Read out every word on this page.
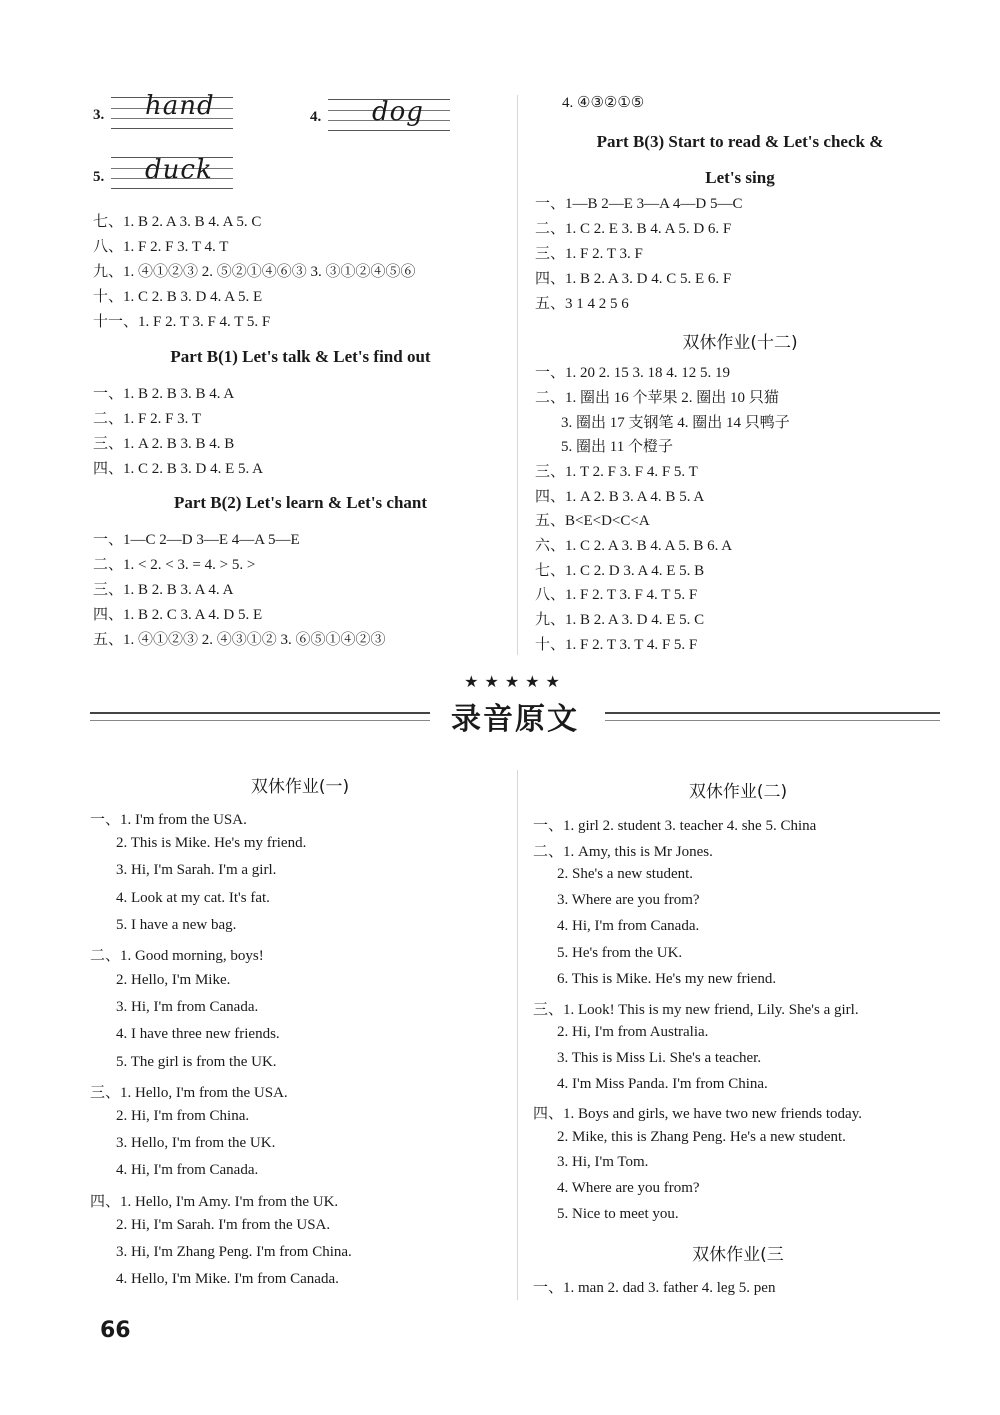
3. hand	4. dog
5. duck
七、1. B 2. A 3. B 4. A 5. C
八、1. F 2. F 3. T 4. T
九、1. ④①②③ 2. ⑤②①④⑥③ 3. ③①②④⑤⑥
十、1. C 2. B 3. D 4. A 5. E
十一、1. F 2. T 3. F 4. T 5. F
Part B(1) Let's talk & Let's find out
一、1. B 2. B 3. B 4. A
二、1. F 2. F 3. T
三、1. A 2. B 3. B 4. B
四、1. C 2. B 3. D 4. E 5. A
Part B(2) Let's learn & Let's chant
一、1—C 2—D 3—E 4—A 5—E
二、1. < 2. < 3. = 4. > 5. >
三、1. B 2. B 3. A 4. A
四、1. B 2. C 3. A 4. D 5. E
五、1. ④①②③ 2. ④③①② 3. ⑥⑤①④②③
4. ④③②①⑤
Part B(3) Start to read & Let's check &
Let's sing
一、1—B 2—E 3—A 4—D 5—C
二、1. C 2. E 3. B 4. A 5. D 6. F
三、1. F 2. T 3. F
四、1. B 2. A 3. D 4. C 5. E 6. F
五、3 1 4 2 5 6
双休作业(十二)
一、1. 20 2. 15 3. 18 4. 12 5. 19
二、1. 圈出 16 个苹果 2. 圈出 10 只猫
3. 圈出 17 支钢笔 4. 圈出 14 只鸭子
5. 圈出 11 个橙子
三、1. T 2. F 3. F 4. F 5. T
四、1. A 2. B 3. A 4. B 5. A
五、B<E<D<C<A
六、1. C 2. A 3. B 4. A 5. B 6. A
七、1. C 2. D 3. A 4. E 5. B
八、1. F 2. T 3. F 4. T 5. F
九、1. B 2. A 3. D 4. E 5. C
十、1. F 2. T 3. T 4. F 5. F
★★★★★
录音原文
双休作业(一)
一、1. I'm from the USA.
2. This is Mike. He's my friend.
3. Hi, I'm Sarah. I'm a girl.
4. Look at my cat. It's fat.
5. I have a new bag.
二、1. Good morning, boys!
2. Hello, I'm Mike.
3. Hi, I'm from Canada.
4. I have three new friends.
5. The girl is from the UK.
三、1. Hello, I'm from the USA.
2. Hi, I'm from China.
3. Hello, I'm from the UK.
4. Hi, I'm from Canada.
四、1. Hello, I'm Amy. I'm from the UK.
2. Hi, I'm Sarah. I'm from the USA.
3. Hi, I'm Zhang Peng. I'm from China.
4. Hello, I'm Mike. I'm from Canada.
双休作业(二)
一、1. girl 2. student 3. teacher 4. she 5. China
二、1. Amy, this is Mr Jones.
2. She's a new student.
3. Where are you from?
4. Hi, I'm from Canada.
5. He's from the UK.
6. This is Mike. He's my new friend.
三、1. Look! This is my new friend, Lily. She's a girl.
2. Hi, I'm from Australia.
3. This is Miss Li. She's a teacher.
4. I'm Miss Panda. I'm from China.
四、1. Boys and girls, we have two new friends today.
2. Mike, this is Zhang Peng. He's a new student.
3. Hi, I'm Tom.
4. Where are you from?
5. Nice to meet you.
双休作业(三
一、1. man 2. dad 3. father 4. leg 5. pen
66
